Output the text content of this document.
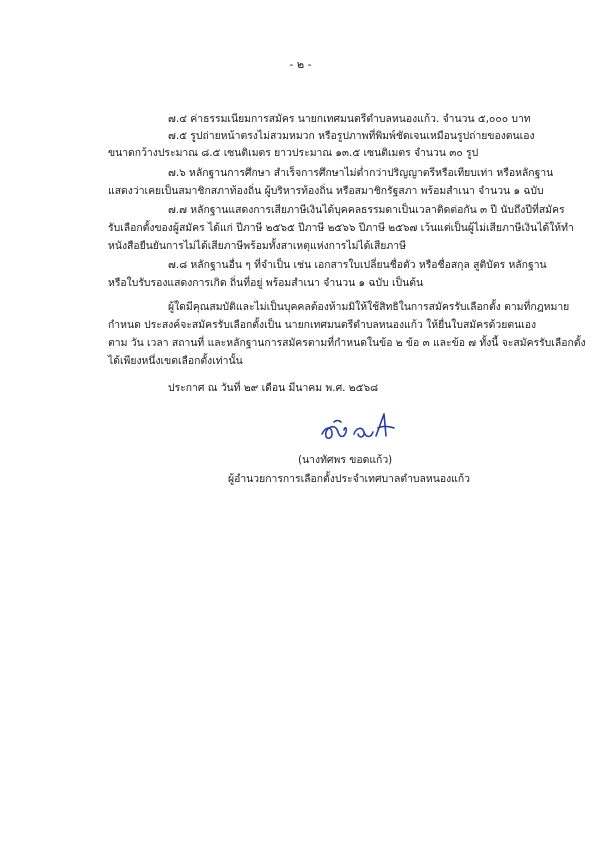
- ๒ -
๗.๔ ค่าธรรมเนียมการสมัคร นายกเทศมนตรีตำบลหนองแก้ว. จำนวน ๕,๐๐๐ บาท
๗.๕ รูปถ่ายหน้าตรงไม่สวมหมวก หรือรูปภาพที่พิมพ์ชัดเจนเหมือนรูปถ่ายของตนเอง
ขนาดกว้างประมาณ ๘.๕ เซนติเมตร ยาวประมาณ ๑๓.๕ เซนติเมตร จำนวน ๓๐ รูป
๗.๖ หลักฐานการศึกษา สำเร็จการศึกษาไม่ต่ำกว่าปริญญาตรีหรือเทียบเท่า หรือหลักฐาน
แสดงว่าเคยเป็นสมาชิกสภาท้องถิ่น ผู้บริหารท้องถิ่น หรือสมาชิกรัฐสภา พร้อมสำเนา จำนวน ๑ ฉบับ
๗.๗ หลักฐานแสดงการเสียภาษีเงินได้บุคคลธรรมดาเป็นเวลาติดต่อกัน ๓ ปี นับถึงปีที่สมัคร
รับเลือกตั้งของผู้สมัคร ได้แก่ ปีภาษี ๒๕๖๕ ปีภาษี ๒๕๖๖ ปีภาษี ๒๕๖๗ เว้นแต่เป็นผู้ไม่เสียภาษีเงินได้ให้ทำ
หนังสือยืนยันการไม่ได้เสียภาษีพร้อมทั้งสาเหตุแห่งการไม่ได้เสียภาษี
๗.๘ หลักฐานอื่น ๆ ที่จำเป็น เช่น เอกสารใบเปลี่ยนชื่อตัว หรือชื่อสกุล สูติบัตร หลักฐาน
หรือใบรับรองแสดงการเกิด ถิ่นที่อยู่ พร้อมสำเนา จำนวน ๑ ฉบับ เป็นต้น
ผู้ใดมีคุณสมบัติและไม่เป็นบุคคลต้องห้ามมิให้ใช้สิทธิในการสมัครรับเลือกตั้ง ตามที่กฎหมาย
กำหนด ประสงค์จะสมัครรับเลือกตั้งเป็น นายกเทศมนตรีตำบลหนองแก้ว ให้ยื่นใบสมัครด้วยตนเอง
ตาม วัน เวลา สถานที่ และหลักฐานการสมัครตามที่กำหนดในข้อ ๒ ข้อ ๓ และข้อ ๗ ทั้งนี้ จะสมัครรับเลือกตั้ง
ได้เพียงหนึ่งเขตเลือกตั้งเท่านั้น
ประกาศ ณ วันที่ ๒๙ เดือน มีนาคม พ.ศ. ๒๕๖๘
(นางทัศพร ขอดแก้ว)
ผู้อำนวยการการเลือกตั้งประจำเทศบาลตำบลหนองแก้ว
